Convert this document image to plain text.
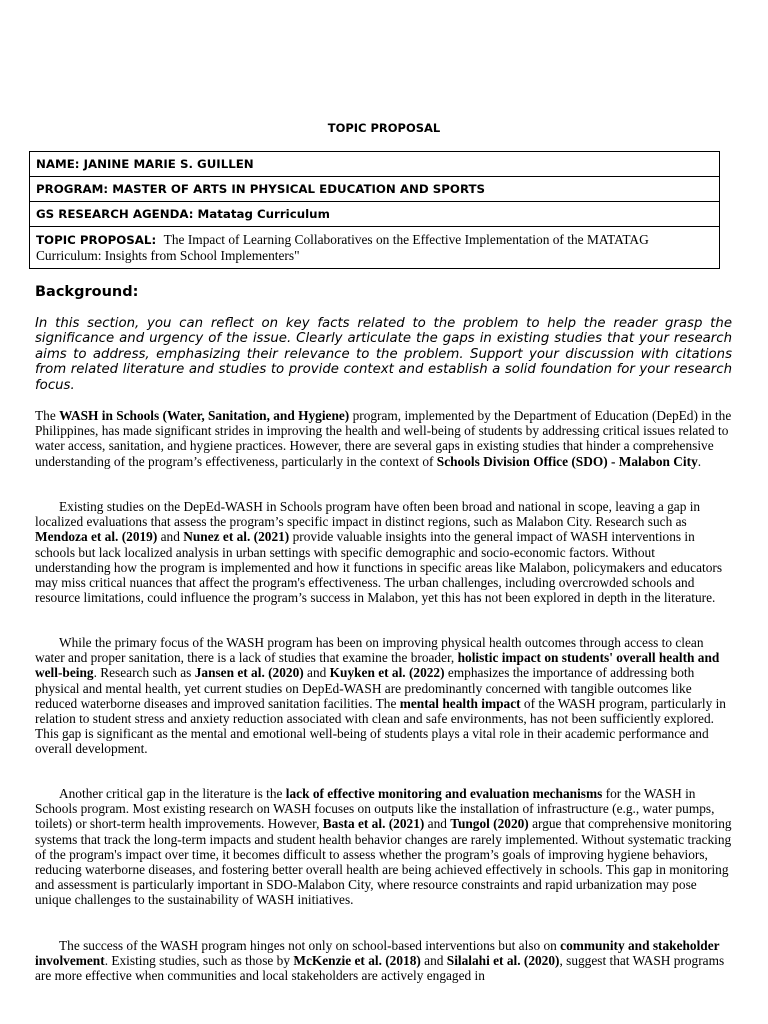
TOPIC PROPOSAL
NAME: JANINE MARIE S. GUILLEN
PROGRAM: MASTER OF ARTS IN PHYSICAL EDUCATION AND SPORTS
GS RESEARCH AGENDA: Matatag Curriculum
TOPIC PROPOSAL: The Impact of Learning Collaboratives on the Effective Implementation of the MATATAG Curriculum: Insights from School Implementers"
Background:

In this section, you can reflect on key facts related to the problem to help the reader grasp the significance and urgency of the issue. Clearly articulate the gaps in existing studies that your research aims to address, emphasizing their relevance to the problem. Support your discussion with citations from related literature and studies to provide context and establish a solid foundation for your research focus.

The WASH in Schools (Water, Sanitation, and Hygiene) program, implemented by the Department of Education (DepEd) in the Philippines, has made significant strides in improving the health and well-being of students by addressing critical issues related to water access, sanitation, and hygiene practices. However, there are several gaps in existing studies that hinder a comprehensive understanding of the program’s effectiveness, particularly in the context of Schools Division Office (SDO) - Malabon City.

Existing studies on the DepEd-WASH in Schools program have often been broad and national in scope, leaving a gap in localized evaluations that assess the program’s specific impact in distinct regions, such as Malabon City. Research such as Mendoza et al. (2019) and Nunez et al. (2021) provide valuable insights into the general impact of WASH interventions in schools but lack localized analysis in urban settings with specific demographic and socio-economic factors. Without understanding how the program is implemented and how it functions in specific areas like Malabon, policymakers and educators may miss critical nuances that affect the program's effectiveness. The urban challenges, including overcrowded schools and resource limitations, could influence the program’s success in Malabon, yet this has not been explored in depth in the literature.

While the primary focus of the WASH program has been on improving physical health outcomes through access to clean water and proper sanitation, there is a lack of studies that examine the broader, holistic impact on students' overall health and well-being. Research such as Jansen et al. (2020) and Kuyken et al. (2022) emphasizes the importance of addressing both physical and mental health, yet current studies on DepEd-WASH are predominantly concerned with tangible outcomes like reduced waterborne diseases and improved sanitation facilities. The mental health impact of the WASH program, particularly in relation to student stress and anxiety reduction associated with clean and safe environments, has not been sufficiently explored. This gap is significant as the mental and emotional well-being of students plays a vital role in their academic performance and overall development.

Another critical gap in the literature is the lack of effective monitoring and evaluation mechanisms for the WASH in Schools program. Most existing research on WASH focuses on outputs like the installation of infrastructure (e.g., water pumps, toilets) or short-term health improvements. However, Basta et al. (2021) and Tungol (2020) argue that comprehensive monitoring systems that track the long-term impacts and student health behavior changes are rarely implemented. Without systematic tracking of the program's impact over time, it becomes difficult to assess whether the program’s goals of improving hygiene behaviors, reducing waterborne diseases, and fostering better overall health are being achieved effectively in schools. This gap in monitoring and assessment is particularly important in SDO-Malabon City, where resource constraints and rapid urbanization may pose unique challenges to the sustainability of WASH initiatives.

The success of the WASH program hinges not only on school-based interventions but also on community and stakeholder involvement. Existing studies, such as those by McKenzie et al. (2018) and Silalahi et al. (2020), suggest that WASH programs are more effective when communities and local stakeholders are actively engaged in
